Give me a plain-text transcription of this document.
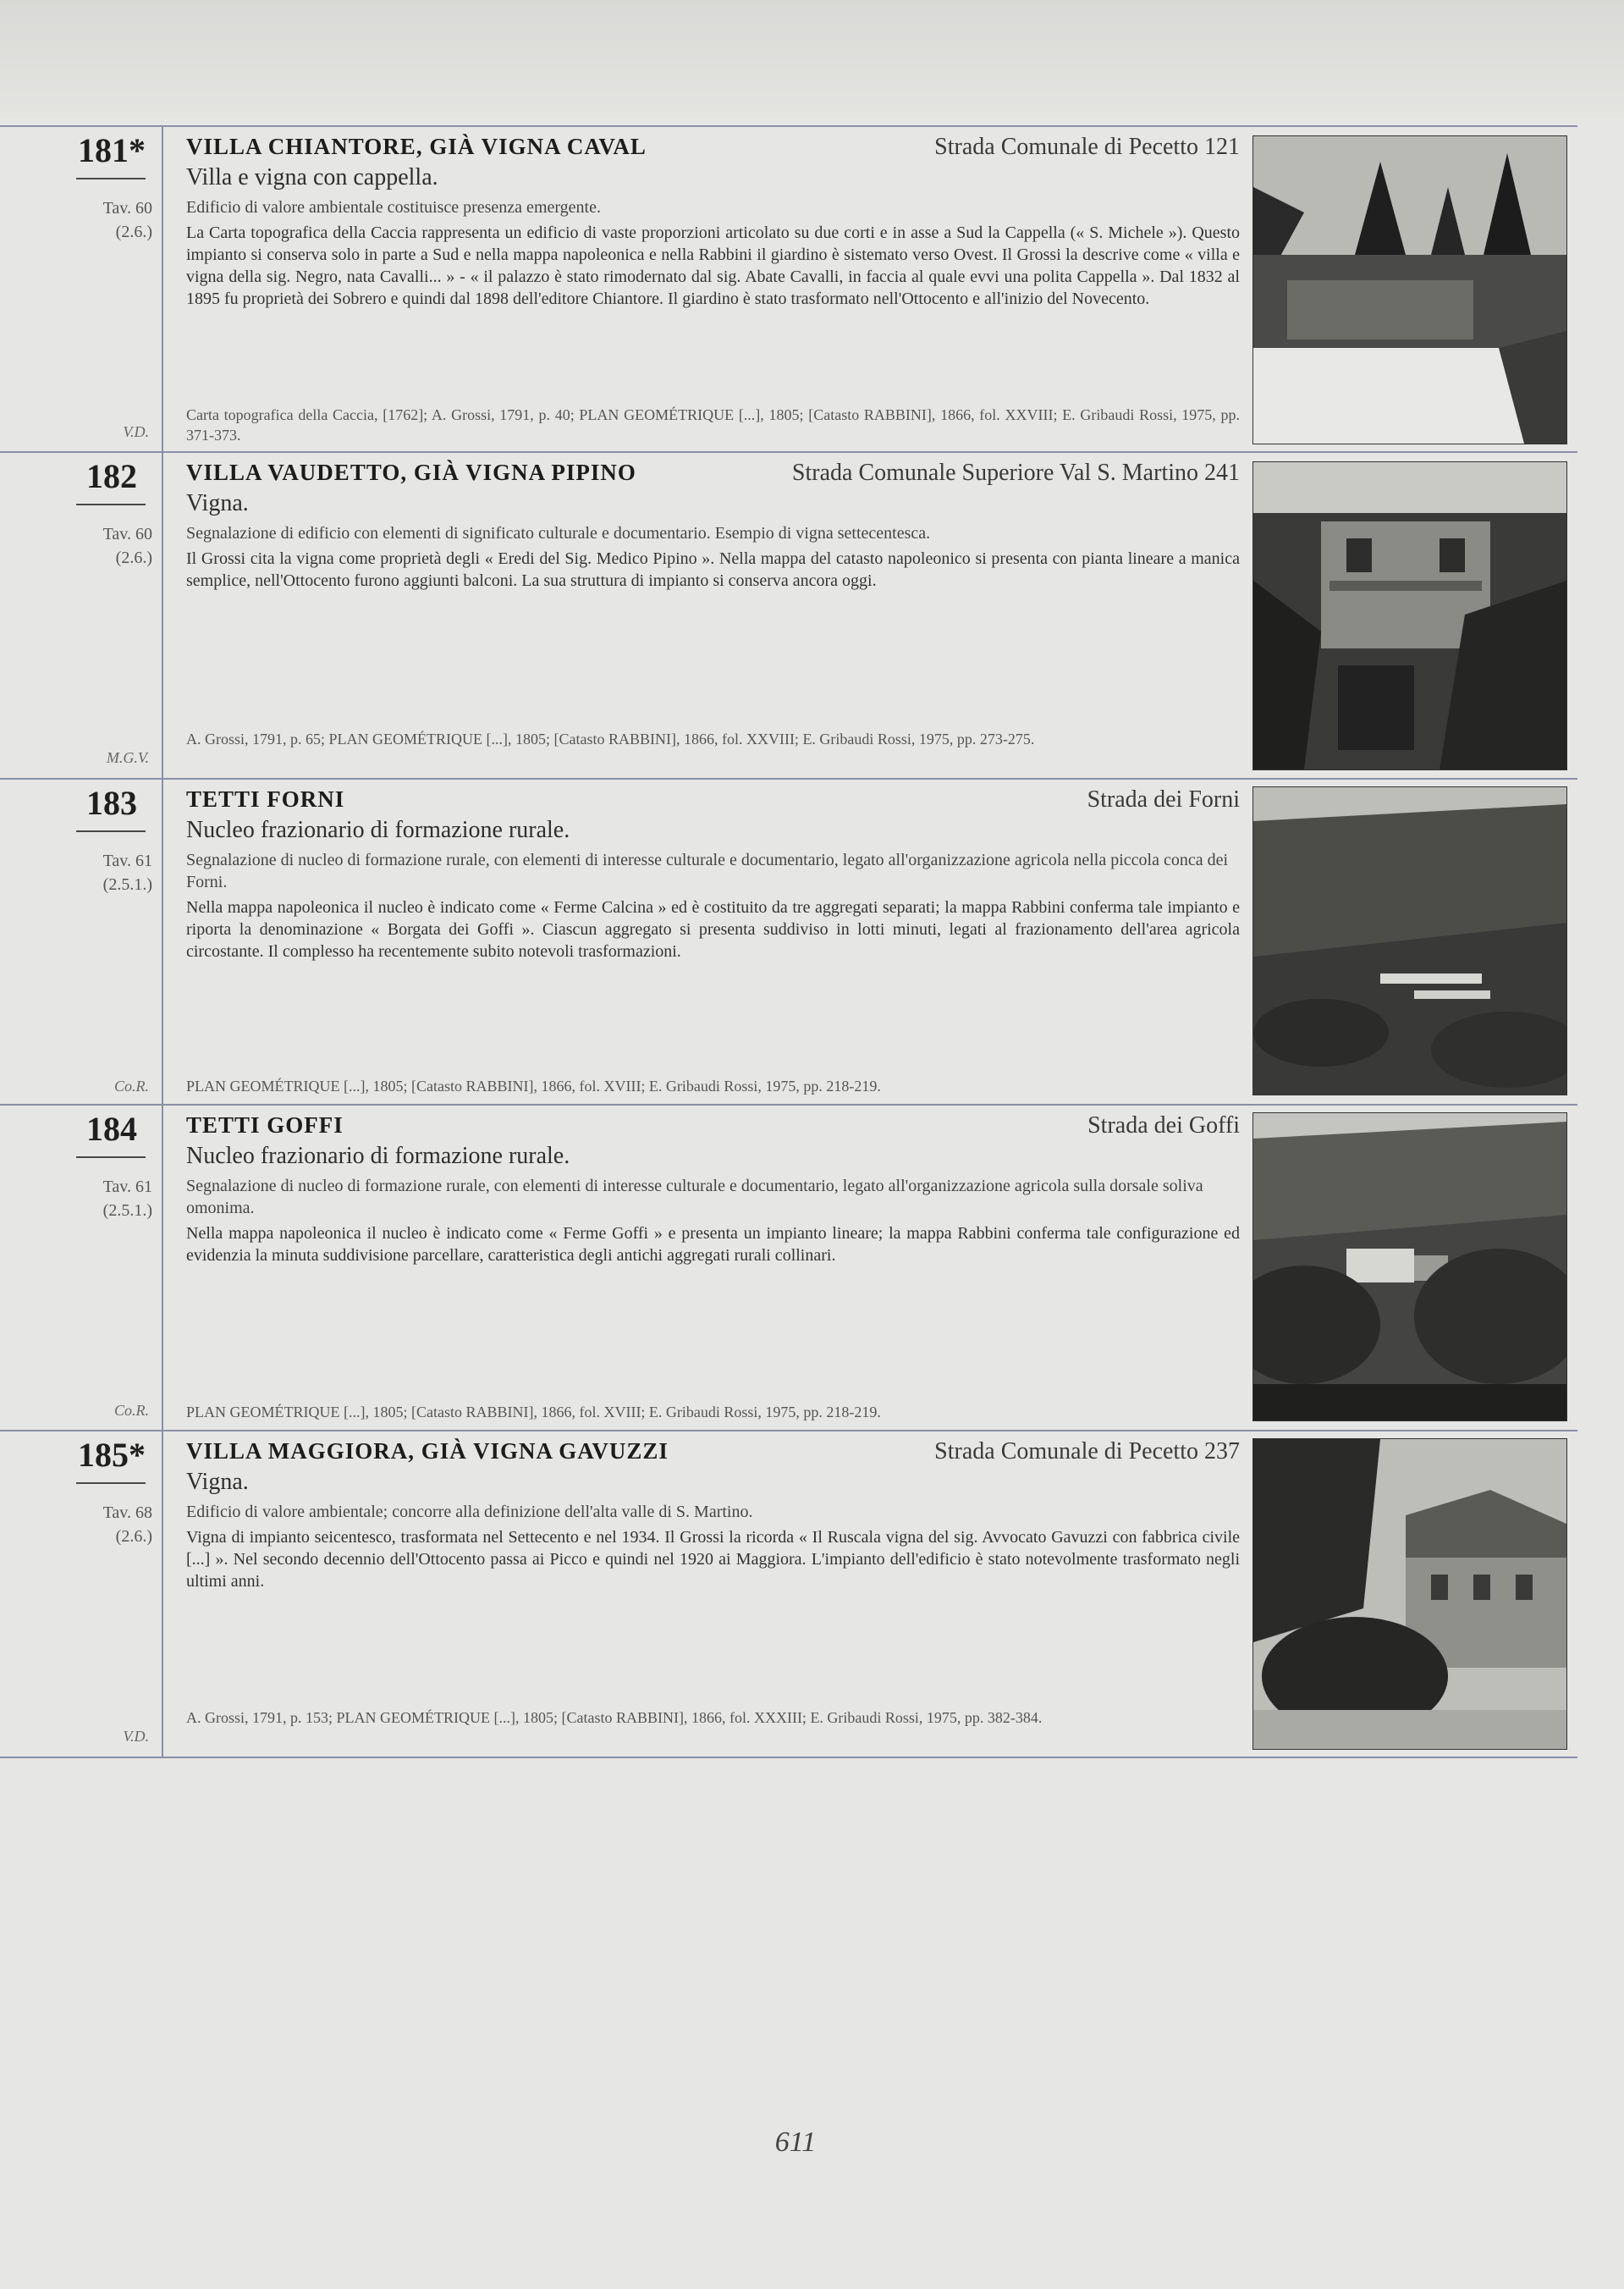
181*
Tav. 60
(2.6.)
V.D.
VILLA CHIANTORE, GIÀ VIGNA CAVAL	Strada Comunale di Pecetto 121
Villa e vigna con cappella.
Edificio di valore ambientale costituisce presenza emergente.
La Carta topografica della Caccia rappresenta un edificio di vaste proporzioni articolato su due corti e in asse a Sud la Cappella (« S. Michele »). Questo impianto si conserva solo in parte a Sud e nella mappa napoleonica e nella Rabbini il giardino è sistemato verso Ovest. Il Grossi la descrive come « villa e vigna della sig. Negro, nata Cavalli... » - « il palazzo è stato rimodernato dal sig. Abate Cavalli, in faccia al quale evvi una polita Cappella ». Dal 1832 al 1895 fu proprietà dei Sobrero e quindi dal 1898 dell'editore Chiantore. Il giardino è stato trasformato nell'Ottocento e all'inizio del Novecento.
Carta topografica della Caccia, [1762]; A. Grossi, 1791, p. 40; PLAN GEOMÉTRIQUE [...], 1805; [Catasto RABBINI], 1866, fol. XXVIII; E. Gribaudi Rossi, 1975, pp. 371-373.
182
Tav. 60
(2.6.)
M.G.V.
VILLA VAUDETTO, GIÀ VIGNA PIPINO	Strada Comunale Superiore Val S. Martino 241
Vigna.
Segnalazione di edificio con elementi di significato culturale e documentario. Esempio di vigna settecentesca.
Il Grossi cita la vigna come proprietà degli « Eredi del Sig. Medico Pipino ». Nella mappa del catasto napoleonico si presenta con pianta lineare a manica semplice, nell'Ottocento furono aggiunti balconi. La sua struttura di impianto si conserva ancora oggi.
A. Grossi, 1791, p. 65; PLAN GEOMÉTRIQUE [...], 1805; [Catasto RABBINI], 1866, fol. XXVIII; E. Gribaudi Rossi, 1975, pp. 273-275.
183
Tav. 61
(2.5.1.)
Co.R.
TETTI FORNI	Strada dei Forni
Nucleo frazionario di formazione rurale.
Segnalazione di nucleo di formazione rurale, con elementi di interesse culturale e documentario, legato all'organizzazione agricola nella piccola conca dei Forni.
Nella mappa napoleonica il nucleo è indicato come « Ferme Calcina » ed è costituito da tre aggregati separati; la mappa Rabbini conferma tale impianto e riporta la denominazione « Borgata dei Goffi ». Ciascun aggregato si presenta suddiviso in lotti minuti, legati al frazionamento dell'area agricola circostante. Il complesso ha recentemente subito notevoli trasformazioni.
PLAN GEOMÉTRIQUE [...], 1805; [Catasto RABBINI], 1866, fol. XVIII; E. Gribaudi Rossi, 1975, pp. 218-219.
184
Tav. 61
(2.5.1.)
Co.R.
TETTI GOFFI	Strada dei Goffi
Nucleo frazionario di formazione rurale.
Segnalazione di nucleo di formazione rurale, con elementi di interesse culturale e documentario, legato all'organizzazione agricola sulla dorsale soliva omonima.
Nella mappa napoleonica il nucleo è indicato come « Ferme Goffi » e presenta un impianto lineare; la mappa Rabbini conferma tale configurazione ed evidenzia la minuta suddivisione parcellare, caratteristica degli antichi aggregati rurali collinari.
PLAN GEOMÉTRIQUE [...], 1805; [Catasto RABBINI], 1866, fol. XVIII; E. Gribaudi Rossi, 1975, pp. 218-219.
185*
Tav. 68
(2.6.)
V.D.
VILLA MAGGIORA, GIÀ VIGNA GAVUZZI	Strada Comunale di Pecetto 237
Vigna.
Edificio di valore ambientale; concorre alla definizione dell'alta valle di S. Martino.
Vigna di impianto seicentesco, trasformata nel Settecento e nel 1934. Il Grossi la ricorda « Il Ruscala vigna del sig. Avvocato Gavuzzi con fabbrica civile [...] ». Nel secondo decennio dell'Ottocento passa ai Picco e quindi nel 1920 ai Maggiora. L'impianto dell'edificio è stato notevolmente trasformato negli ultimi anni.
A. Grossi, 1791, p. 153; PLAN GEOMÉTRIQUE [...], 1805; [Catasto RABBINI], 1866, fol. XXXIII; E. Gribaudi Rossi, 1975, pp. 382-384.
611
